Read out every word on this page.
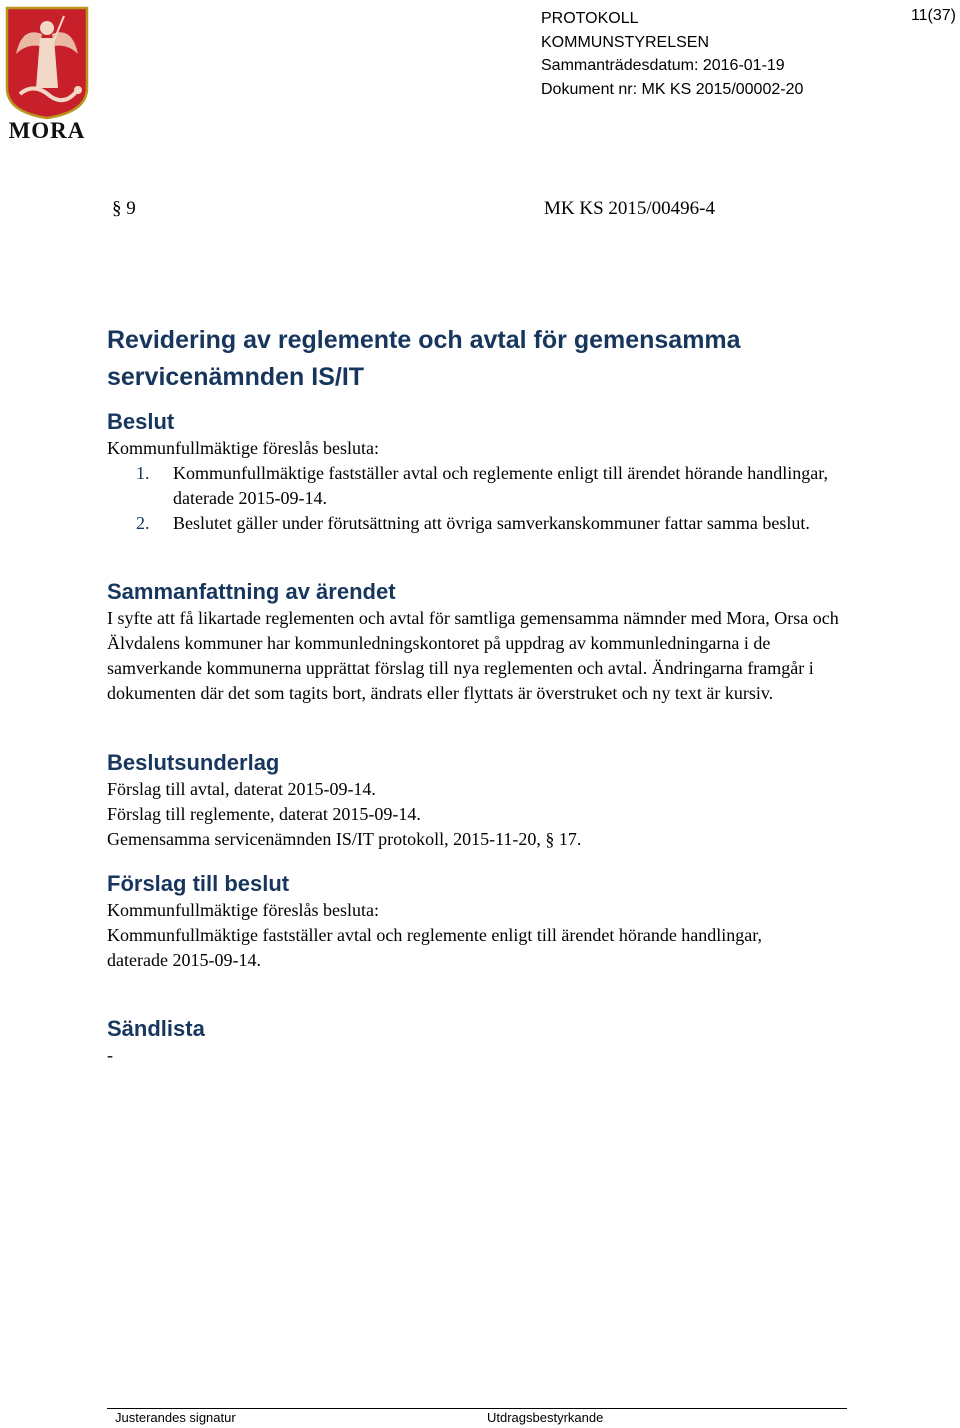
MORA
PROTOKOLL
KOMMUNSTYRELSEN
Sammanträdesdatum: 2016-01-19
Dokument nr: MK KS 2015/00002-20
11(37)
§ 9	MK KS 2015/00496-4
Revidering av reglemente och avtal för gemensamma servicenämnden IS/IT
Beslut
Kommunfullmäktige föreslås besluta:
1. Kommunfullmäktige fastställer avtal och reglemente enligt till ärendet hörande handlingar, daterade 2015-09-14.
2. Beslutet gäller under förutsättning att övriga samverkanskommuner fattar samma beslut.
Sammanfattning av ärendet
I syfte att få likartade reglementen och avtal för samtliga gemensamma nämnder med Mora, Orsa och Älvdalens kommuner har kommunledningskontoret på uppdrag av kommunledningarna i de samverkande kommunerna upprättat förslag till nya reglementen och avtal. Ändringarna framgår i dokumenten där det som tagits bort, ändrats eller flyttats är överstruket och ny text är kursiv.
Beslutsunderlag
Förslag till avtal, daterat 2015-09-14.
Förslag till reglemente, daterat 2015-09-14.
Gemensamma servicenämnden IS/IT protokoll, 2015-11-20, § 17.
Förslag till beslut
Kommunfullmäktige föreslås besluta:
Kommunfullmäktige fastställer avtal och reglemente enligt till ärendet hörande handlingar, daterade 2015-09-14.
Sändlista
-
Justerandes signatur	Utdragsbestyrkande
